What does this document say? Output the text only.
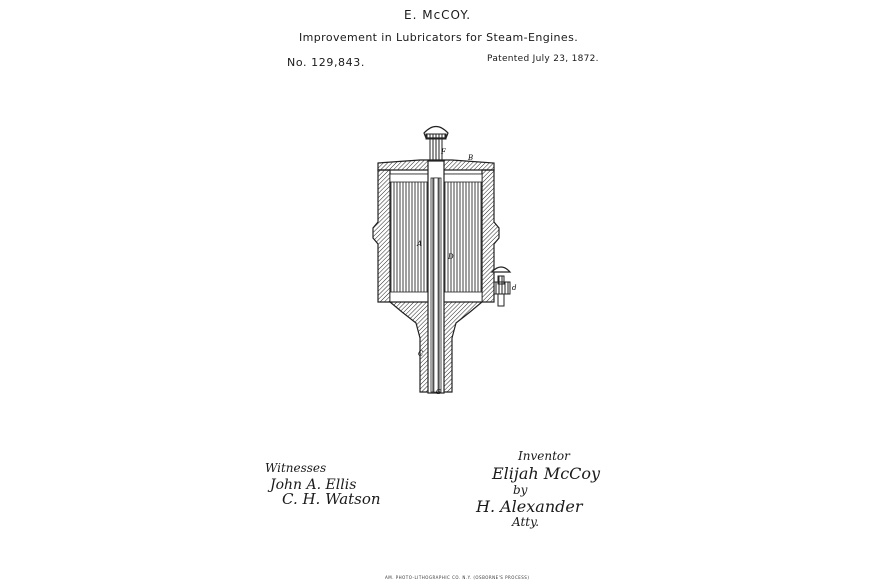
E. McCOY.
Improvement in Lubricators for Steam-Engines.
No. 129,843.	Patented July 23, 1872.
F
B
A
D
C
G
d
Witnesses
John A. Ellis
C. H. Watson
Inventor
Elijah McCoy
by
H. Alexander
Atty.
AM. PHOTO-LITHOGRAPHIC CO. N.Y. (OSBORNE'S PROCESS)
